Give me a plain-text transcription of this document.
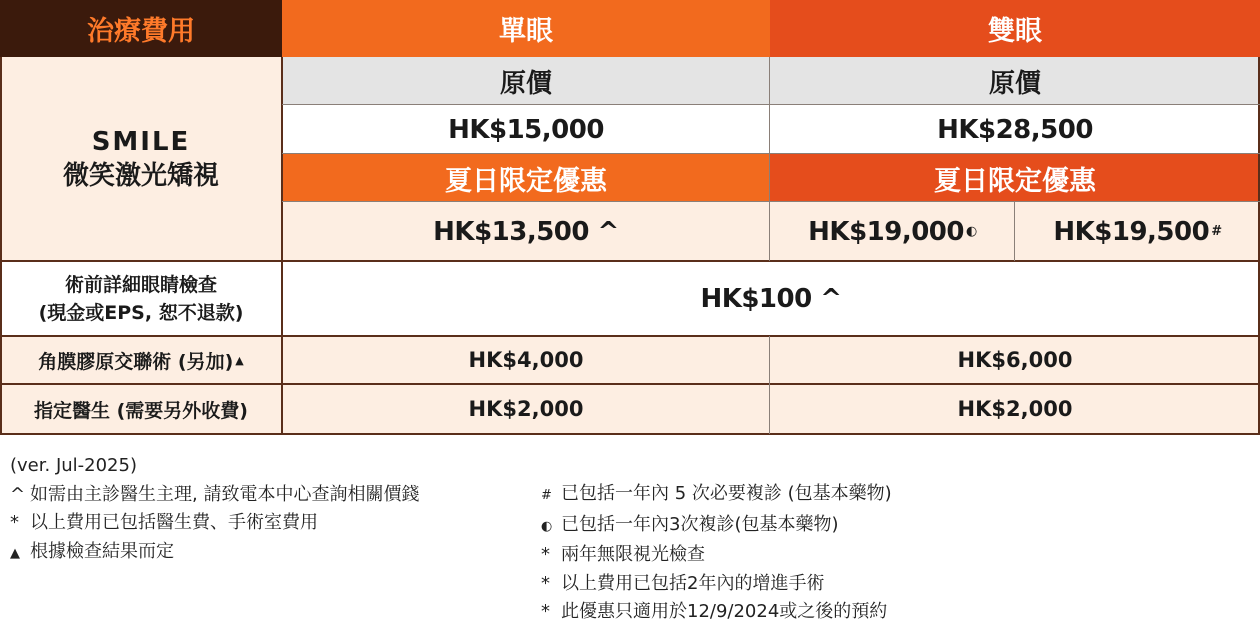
治療費用	單眼	雙眼
SMILE
微笑激光矯視
原價	原價
HK$15,000	HK$28,500
夏日限定優惠	夏日限定優惠
HK$13,500 ^	HK$19,000 ◐	HK$19,500 #
術前詳細眼睛檢查
(現金或EPS, 恕不退款)	HK$100 ^
角膜膠原交聯術 (另加) ▲	HK$4,000	HK$6,000
指定醫生 (需要另外收費)	HK$2,000	HK$2,000
(ver. Jul-2025)
^ 如需由主診醫生主理, 請致電本中心查詢相關價錢
* 以上費用已包括醫生費、手術室費用
▲ 根據檢查結果而定
# 已包括一年內 5 次必要複診 (包基本藥物)
◐ 已包括一年內3次複診(包基本藥物)
* 兩年無限視光檢查
* 以上費用已包括2年內的增進手術
* 此優惠只適用於12/9/2024或之後的預約
